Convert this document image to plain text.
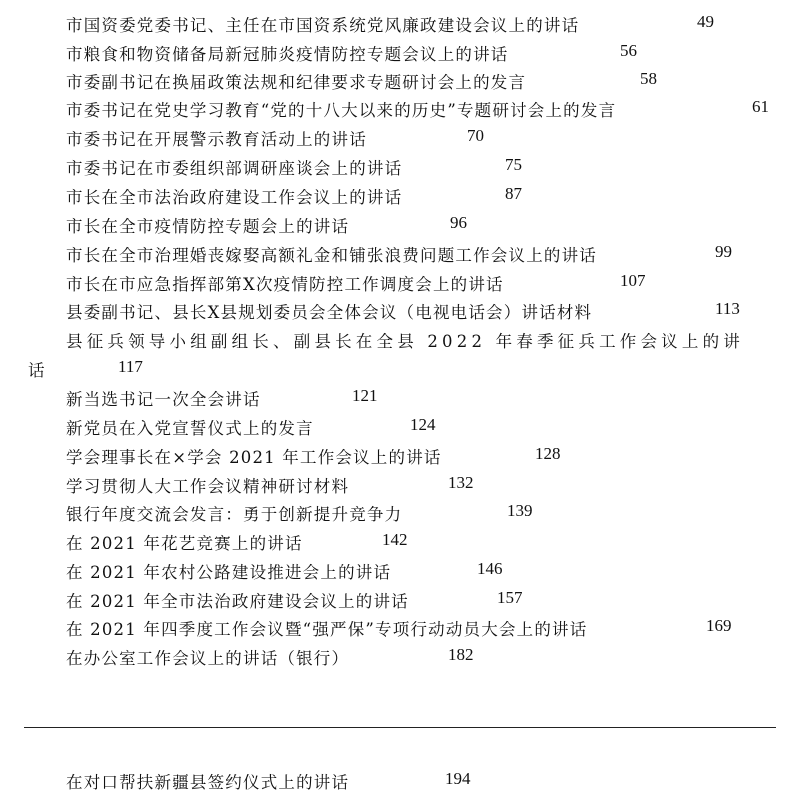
市国资委党委书记、主任在市国资系统党风廉政建设会议上的讲话	49
市粮食和物资储备局新冠肺炎疫情防控专题会议上的讲话	56
市委副书记在换届政策法规和纪律要求专题研讨会上的发言	58
市委书记在党史学习教育“党的十八大以来的历史”专题研讨会上的发言	61
市委书记在开展警示教育活动上的讲话	70
市委书记在市委组织部调研座谈会上的讲话	75
市长在全市法治政府建设工作会议上的讲话	87
市长在全市疫情防控专题会上的讲话	96
市长在全市治理婚丧嫁娶高额礼金和铺张浪费问题工作会议上的讲话	99
市长在市应急指挥部第X次疫情防控工作调度会上的讲话	107
县委副书记、县长X县规划委员会全体会议（电视电话会）讲话材料	113
县征兵领导小组副组长、副县长在全县 2022 年春季征兵工作会议上的讲
话	117
新当选书记一次全会讲话	121
新党员在入党宣誓仪式上的发言	124
学会理事长在×学会 2021 年工作会议上的讲话	128
学习贯彻人大工作会议精神研讨材料	132
银行年度交流会发言：勇于创新提升竞争力	139
在 2021 年花艺竞赛上的讲话	142
在 2021 年农村公路建设推进会上的讲话	146
在 2021 年全市法治政府建设会议上的讲话	157
在 2021 年四季度工作会议暨“强严保”专项行动动员大会上的讲话	169
在办公室工作会议上的讲话（银行）	182
在对口帮扶新疆县签约仪式上的讲话	194
